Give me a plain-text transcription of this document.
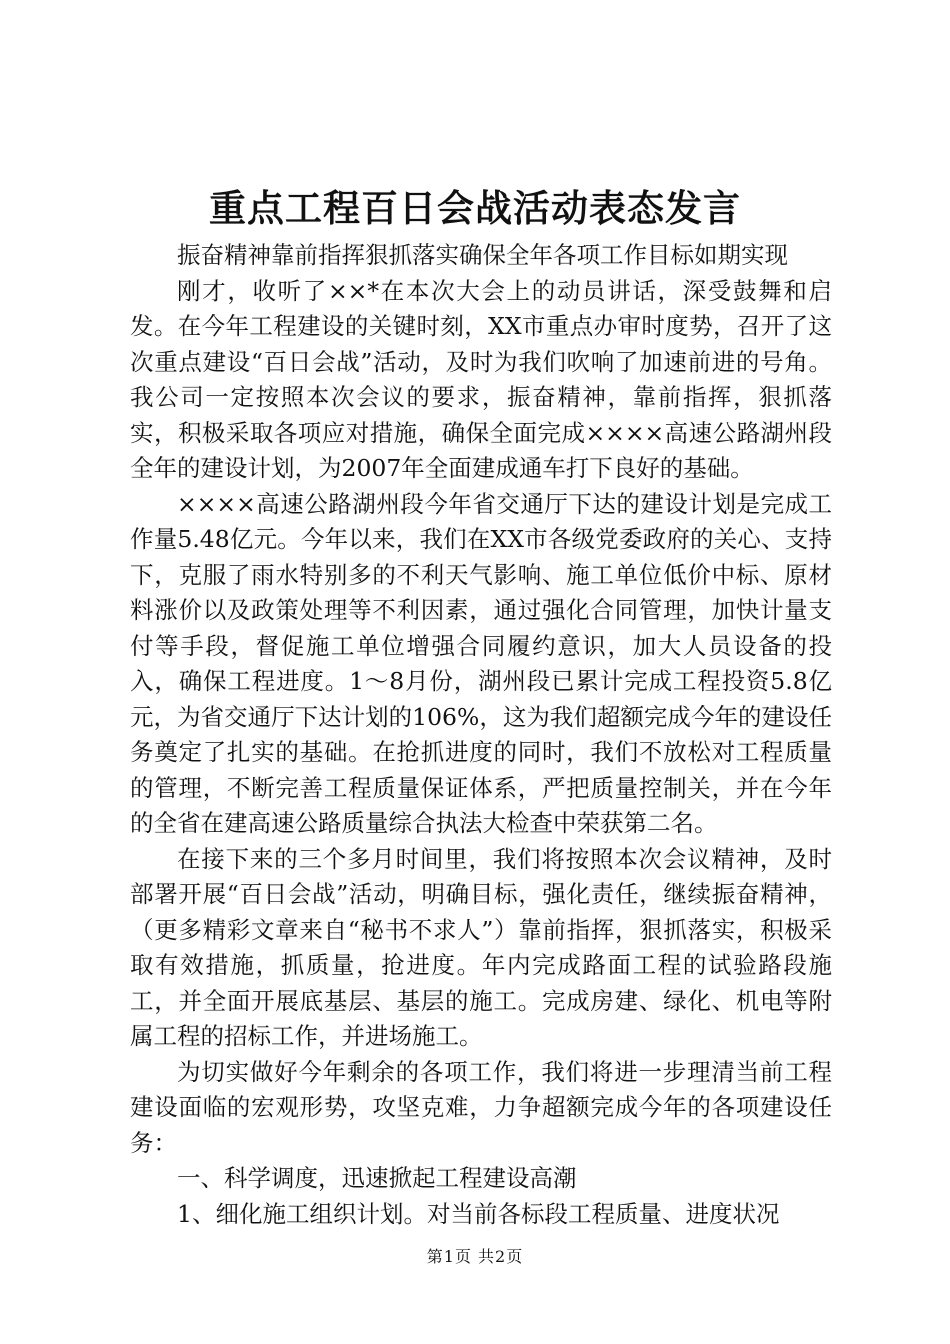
重点工程百日会战活动表态发言

振奋精神靠前指挥狠抓落实确保全年各项工作目标如期实现

刚才，收听了××*在本次大会上的动员讲话，深受鼓舞和启发。在今年工程建设的关键时刻，XX市重点办审时度势，召开了这次重点建设“百日会战”活动，及时为我们吹响了加速前进的号角。我公司一定按照本次会议的要求，振奋精神，靠前指挥，狠抓落实，积极采取各项应对措施，确保全面完成××××高速公路湖州段全年的建设计划，为2007年全面建成通车打下良好的基础。

××××高速公路湖州段今年省交通厅下达的建设计划是完成工作量5.48亿元。今年以来，我们在XX市各级党委政府的关心、支持下，克服了雨水特别多的不利天气影响、施工单位低价中标、原材料涨价以及政策处理等不利因素，通过强化合同管理，加快计量支付等手段，督促施工单位增强合同履约意识，加大人员设备的投入，确保工程进度。1～8月份，湖州段已累计完成工程投资5.8亿元，为省交通厅下达计划的106%，这为我们超额完成今年的建设任务奠定了扎实的基础。在抢抓进度的同时，我们不放松对工程质量的管理，不断完善工程质量保证体系，严把质量控制关，并在今年的全省在建高速公路质量综合执法大检查中荣获第二名。

在接下来的三个多月时间里，我们将按照本次会议精神，及时部署开展“百日会战”活动，明确目标，强化责任，继续振奋精神，（更多精彩文章来自“秘书不求人”）靠前指挥，狠抓落实，积极采取有效措施，抓质量，抢进度。年内完成路面工程的试验路段施工，并全面开展底基层、基层的施工。完成房建、绿化、机电等附属工程的招标工作，并进场施工。

为切实做好今年剩余的各项工作，我们将进一步理清当前工程建设面临的宏观形势，攻坚克难，力争超额完成今年的各项建设任务：

一、科学调度，迅速掀起工程建设高潮

1、细化施工组织计划。对当前各标段工程质量、进度状况

第1页 共2页
